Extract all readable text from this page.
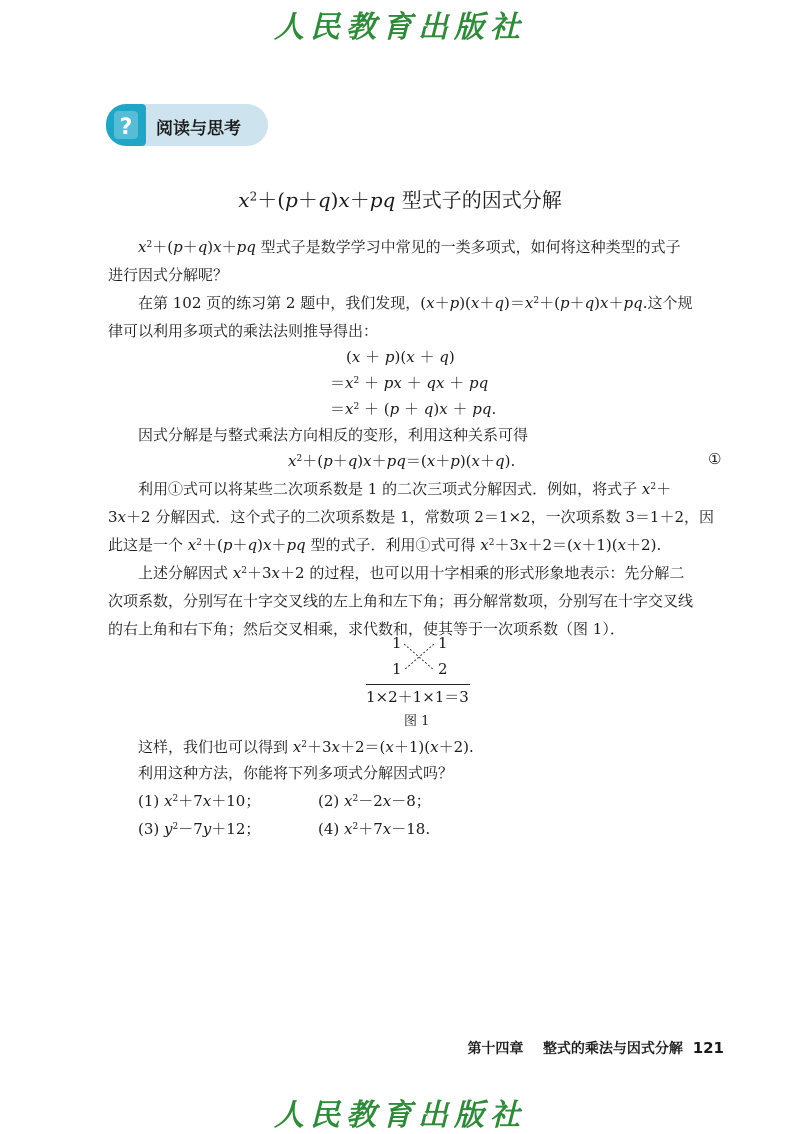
人民教育出版社
? 阅读与思考
$x^2+(p+q)x+pq$ 型式子的因式分解
$x^2+(p+q)x+pq$ 型式子是数学学习中常见的一类多项式，如何将这种类型的式子
进行因式分解呢？
在第 102 页的练习第 2 题中，我们发现，$(x+p)(x+q)=x^2+(p+q)x+pq$.这个规
律可以利用多项式的乘法法则推导得出：
(x ＋ p)(x ＋ q)
$=x^2$ ＋ px ＋ qx ＋ pq
$=x^2 + (p + q)x$ ＋ pq.
因式分解是与整式乘法方向相反的变形，利用这种关系可得
$x^2+(p+q)x+pq=(x+p)(x+q)$.	①
利用①式可以将某些二次项系数是 1 的二次三项式分解因式．例如，将式子 $x^2+$
3x＋2 分解因式．这个式子的二次项系数是 1，常数项 2＝1×2，一次项系数 3＝1＋2，因
此这是一个 $x^2+(p+q)x+pq$ 型的式子．利用①式可得 $x^2+3x+2=(x+1)(x+2)$.
上述分解因式 $x^2+3x+2$ 的过程，也可以用十字相乘的形式形象地表示：先分解二
次项系数，分别写在十字交叉线的左上角和左下角；再分解常数项，分别写在十字交叉线
的右上角和右下角；然后交叉相乘，求代数和，使其等于一次项系数（图 1）．
1 1
1 2
1×2＋1×1＝3
图 1
这样，我们也可以得到 $x^2+3x+2=(x+1)(x+2)$.
利用这种方法，你能将下列多项式分解因式吗？
(1) $x^2+7x+10$；	(2) $x^2-2x-8$；
(3) $y^2-7y+12$；	(4) $x^2+7x-18$.
第十四章 整式的乘法与因式分解 121
人民教育出版社
